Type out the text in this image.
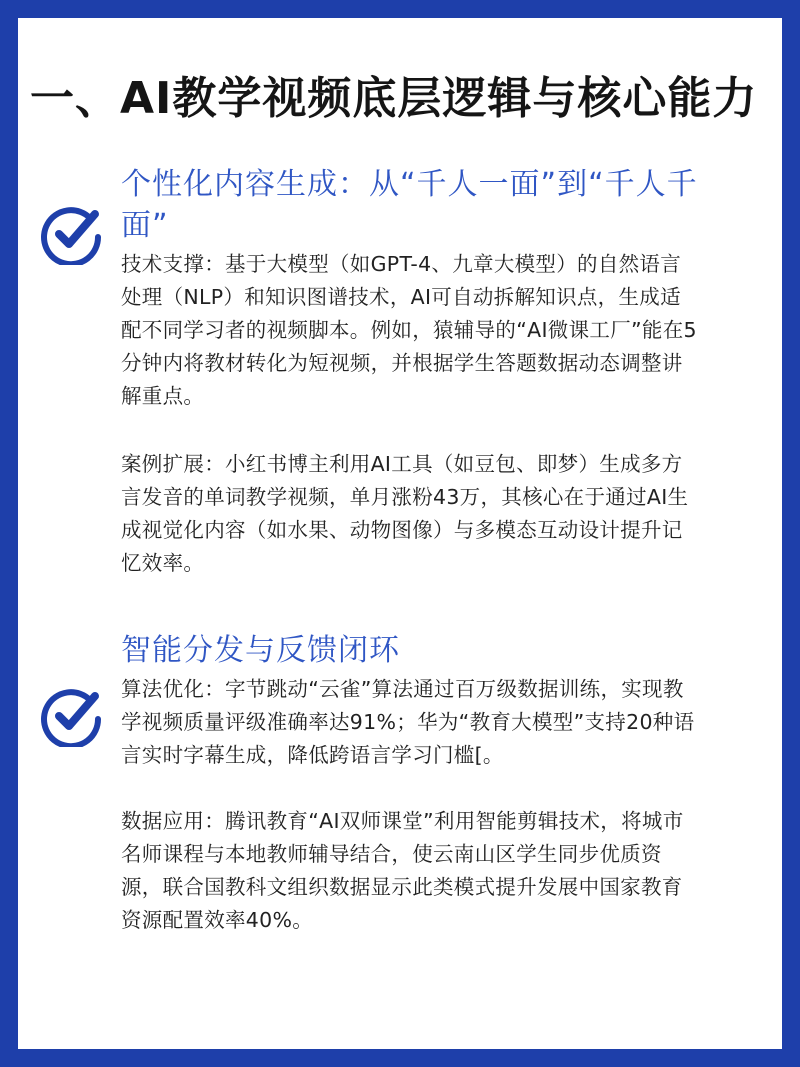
一、AI教学视频底层逻辑与核心能力
个性化内容生成：从“千人一面”到“千人千面”
技术支撑：基于大模型（如GPT-4、九章大模型）的自然语言处理（NLP）和知识图谱技术，AI可自动拆解知识点，生成适配不同学习者的视频脚本。例如，猿辅导的“AI微课工厂”能在5分钟内将教材转化为短视频，并根据学生答题数据动态调整讲解重点。
案例扩展：小红书博主利用AI工具（如豆包、即梦）生成多方言发音的单词教学视频，单月涨粉43万，其核心在于通过AI生成视觉化内容（如水果、动物图像）与多模态互动设计提升记忆效率。
智能分发与反馈闭环
算法优化：字节跳动“云雀”算法通过百万级数据训练，实现教学视频质量评级准确率达91%；华为“教育大模型”支持20种语言实时字幕生成，降低跨语言学习门槛[。
数据应用：腾讯教育“AI双师课堂”利用智能剪辑技术，将城市名师课程与本地教师辅导结合，使云南山区学生同步优质资源，联合国教科文组织数据显示此类模式提升发展中国家教育资源配置效率40%。
